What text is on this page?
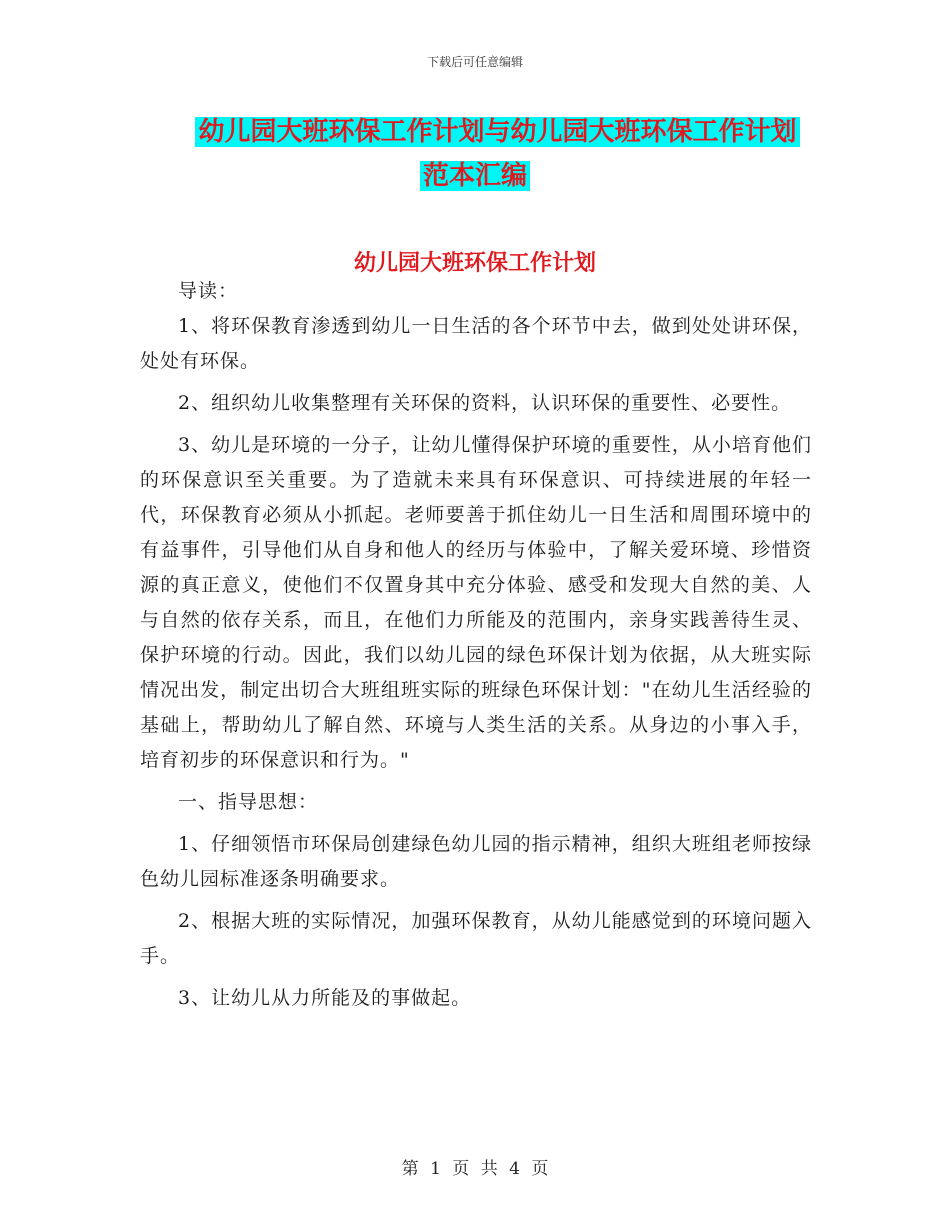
下载后可任意编辑
幼儿园大班环保工作计划与幼儿园大班环保工作计划
范本汇编
幼儿园大班环保工作计划

导读：

1、将环保教育渗透到幼儿一日生活的各个环节中去，做到处处讲环保，处处有环保。

2、组织幼儿收集整理有关环保的资料，认识环保的重要性、必要性。

3、幼儿是环境的一分子，让幼儿懂得保护环境的重要性，从小培育他们的环保意识至关重要。为了造就未来具有环保意识、可持续进展的年轻一代，环保教育必须从小抓起。老师要善于抓住幼儿一日生活和周围环境中的有益事件，引导他们从自身和他人的经历与体验中，了解关爱环境、珍惜资源的真正意义，使他们不仅置身其中充分体验、感受和发现大自然的美、人与自然的依存关系，而且，在他们力所能及的范围内，亲身实践善待生灵、保护环境的行动。因此，我们以幼儿园的绿色环保计划为依据，从大班实际情况出发，制定出切合大班组班实际的班绿色环保计划："在幼儿生活经验的基础上，帮助幼儿了解自然、环境与人类生活的关系。从身边的小事入手，培育初步的环保意识和行为。"

一、指导思想：

1、仔细领悟市环保局创建绿色幼儿园的指示精神，组织大班组老师按绿色幼儿园标准逐条明确要求。

2、根据大班的实际情况，加强环保教育，从幼儿能感觉到的环境问题入手。

3、让幼儿从力所能及的事做起。

第 1 页 共 4 页
